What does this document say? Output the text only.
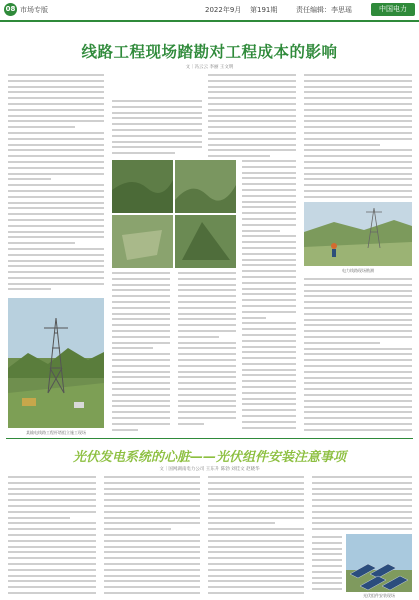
08 市场专版	2022年9月 第191期	责任编辑：李思瑶	中国电力
线路工程现场踏勘对工程成本的影响
文｜冯云云 李丽 王文明
某输电线路工程杆塔组立施工现场
电力线路现场勘测
光伏发电系统的心脏——光伏组件安装注意事项
文｜国网湖南电力公司 王东升 陈勃 刘佳文 赵晓华
光伏组件安装现场
